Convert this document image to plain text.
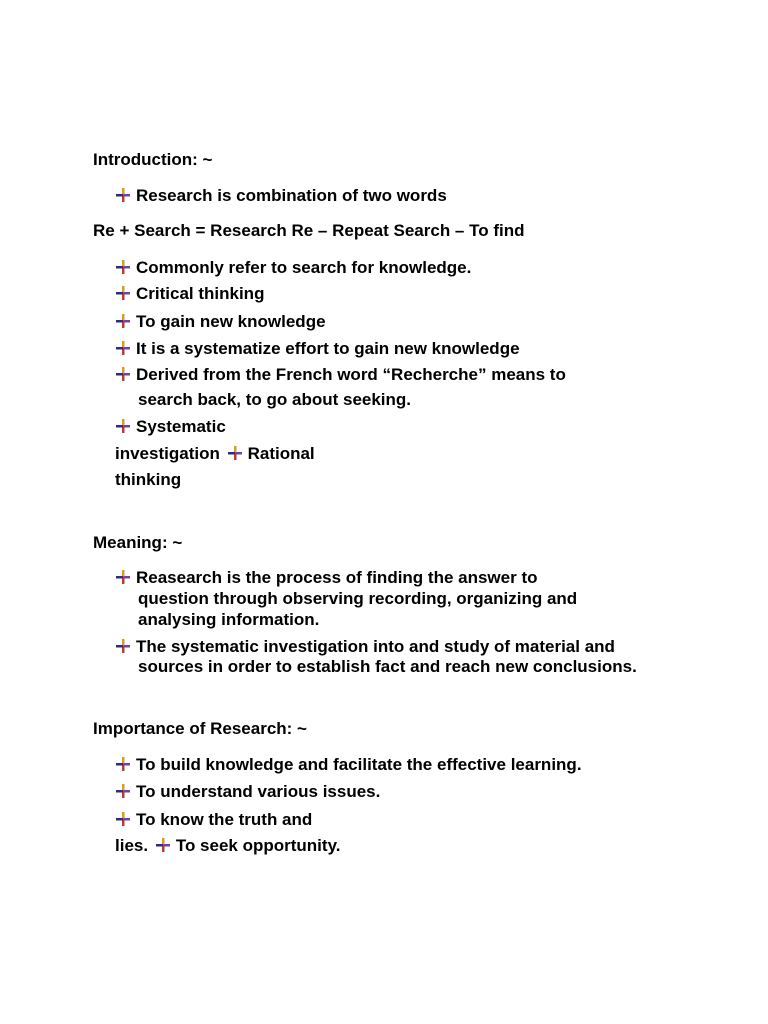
Introduction: ~
Research is combination of two words
Re + Search = Research Re – Repeat Search – To find
Commonly refer to search for knowledge.
Critical thinking
To gain new knowledge
It is a systematize effort to gain new knowledge
Derived from the French word “Recherche” means to
search back, to go about seeking.
Systematic
investigation Rational
thinking
Meaning: ~
Reasearch is the process of finding the answer to
question through observing recording, organizing and
analysing information.
The systematic investigation into and study of material and
sources in order to establish fact and reach new conclusions.
Importance of Research: ~
To build knowledge and facilitate the effective learning.
To understand various issues.
To know the truth and
lies. To seek opportunity.
